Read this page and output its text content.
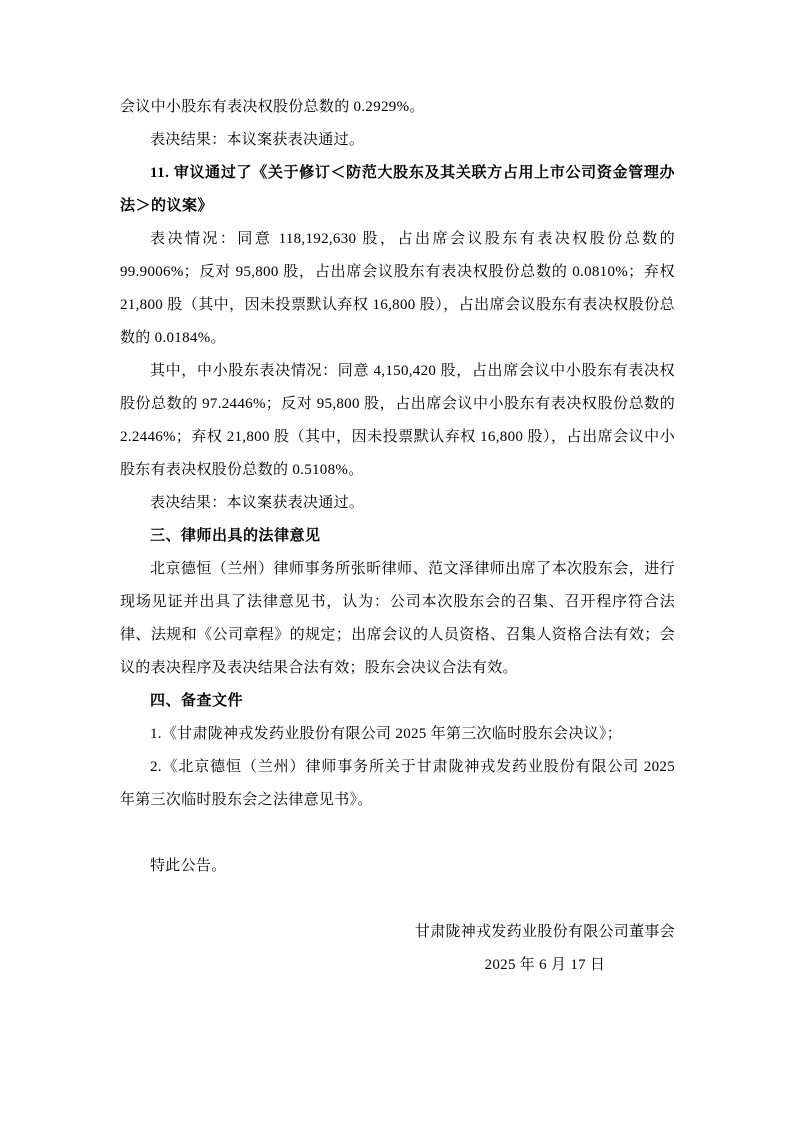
会议中小股东有表决权股份总数的 0.2929%。

表决结果：本议案获表决通过。

11. 审议通过了《关于修订＜防范大股东及其关联方占用上市公司资金管理办法＞的议案》

表决情况：同意 118,192,630 股，占出席会议股东有表决权股份总数的 99.9006%；反对 95,800 股，占出席会议股东有表决权股份总数的 0.0810%；弃权 21,800 股（其中，因未投票默认弃权 16,800 股），占出席会议股东有表决权股份总数的 0.0184%。

其中，中小股东表决情况：同意 4,150,420 股，占出席会议中小股东有表决权股份总数的 97.2446%；反对 95,800 股，占出席会议中小股东有表决权股份总数的 2.2446%；弃权 21,800 股（其中，因未投票默认弃权 16,800 股），占出席会议中小股东有表决权股份总数的 0.5108%。

表决结果：本议案获表决通过。

三、律师出具的法律意见

北京德恒（兰州）律师事务所张昕律师、范文泽律师出席了本次股东会，进行现场见证并出具了法律意见书，认为：公司本次股东会的召集、召开程序符合法律、法规和《公司章程》的规定；出席会议的人员资格、召集人资格合法有效；会议的表决程序及表决结果合法有效；股东会决议合法有效。

四、备查文件

1.《甘肃陇神戎发药业股份有限公司 2025 年第三次临时股东会决议》；

2.《北京德恒（兰州）律师事务所关于甘肃陇神戎发药业股份有限公司 2025 年第三次临时股东会之法律意见书》。

特此公告。

甘肃陇神戎发药业股份有限公司董事会
2025 年 6 月 17 日
